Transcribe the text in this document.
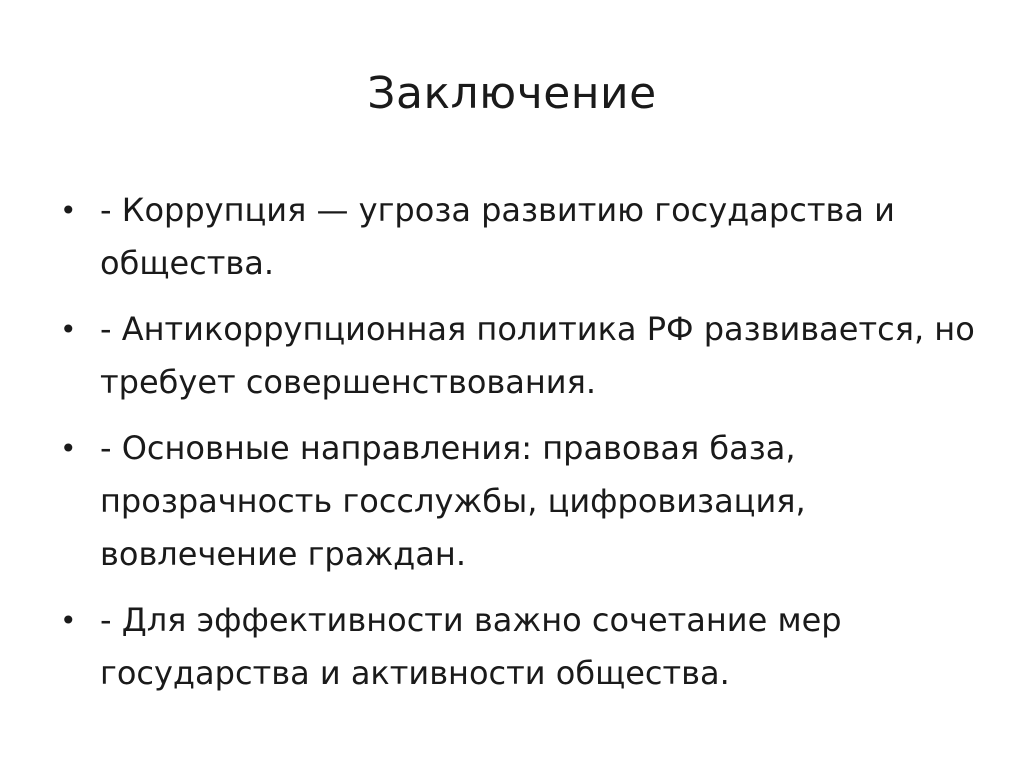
Заключение
• - Коррупция — угроза развитию государства и общества.
• - Антикоррупционная политика РФ развивается, но требует совершенствования.
• - Основные направления: правовая база, прозрачность госслужбы, цифровизация, вовлечение граждан.
• - Для эффективности важно сочетание мер государства и активности общества.
